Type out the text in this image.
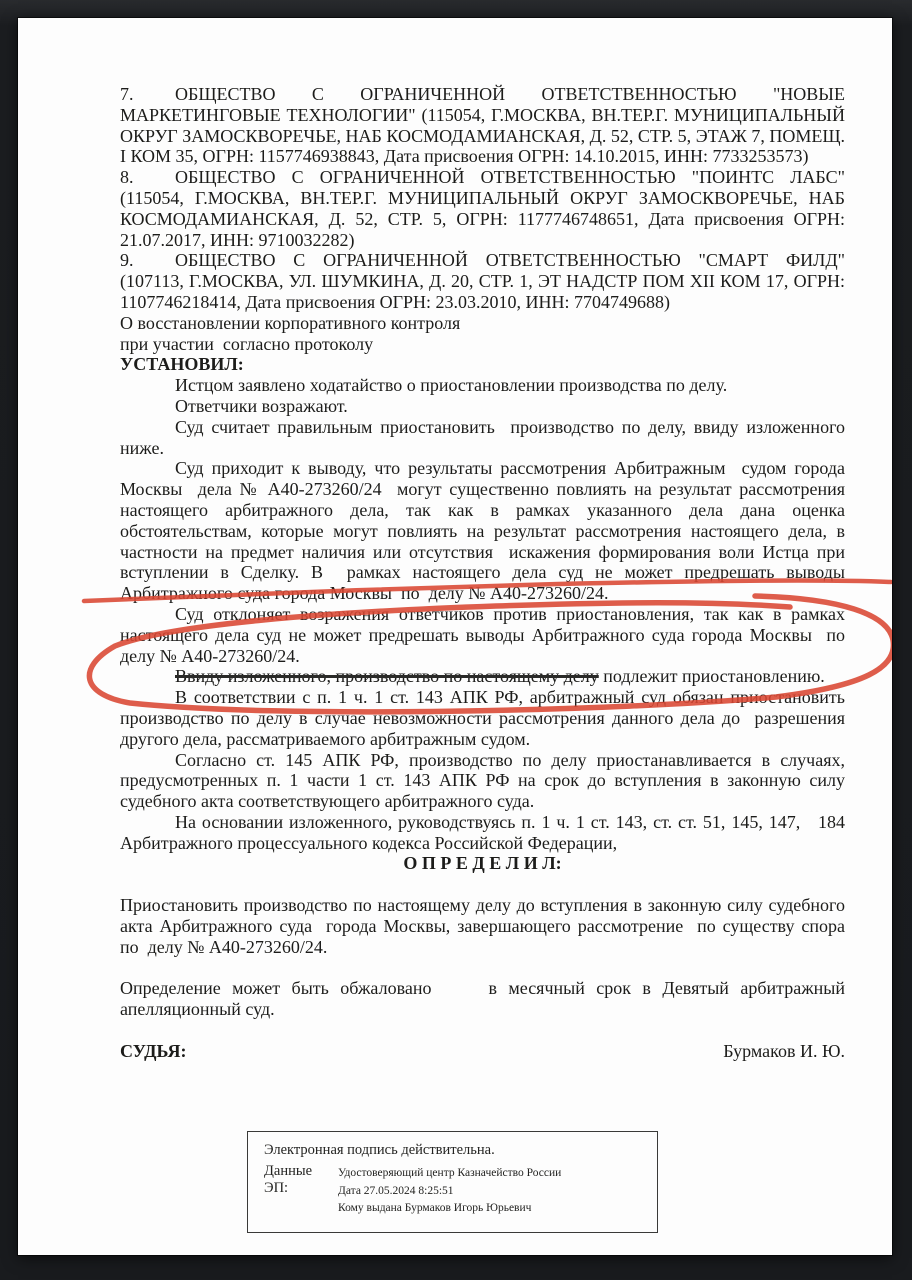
7. ОБЩЕСТВО С ОГРАНИЧЕННОЙ ОТВЕТСТВЕННОСТЬЮ "НОВЫЕ МАРКЕТИНГОВЫЕ ТЕХНОЛОГИИ" (115054, Г.МОСКВА, ВН.ТЕР.Г. МУНИЦИПАЛЬНЫЙ ОКРУГ ЗАМОСКВОРЕЧЬЕ, НАБ КОСМОДАМИАНСКАЯ, Д. 52, СТР. 5, ЭТАЖ 7, ПОМЕЩ. I КОМ 35, ОГРН: 1157746938843, Дата присвоения ОГРН: 14.10.2015, ИНН: 7733253573)

8. ОБЩЕСТВО С ОГРАНИЧЕННОЙ ОТВЕТСТВЕННОСТЬЮ "ПОИНТС ЛАБС" (115054, Г.МОСКВА, ВН.ТЕР.Г. МУНИЦИПАЛЬНЫЙ ОКРУГ ЗАМОСКВОРЕЧЬЕ, НАБ КОСМОДАМИАНСКАЯ, Д. 52, СТР. 5, ОГРН: 1177746748651, Дата присвоения ОГРН: 21.07.2017, ИНН: 9710032282)

9. ОБЩЕСТВО С ОГРАНИЧЕННОЙ ОТВЕТСТВЕННОСТЬЮ "СМАРТ ФИЛД" (107113, Г.МОСКВА, УЛ. ШУМКИНА, Д. 20, СТР. 1, ЭТ НАДСТР ПОМ XII КОМ 17, ОГРН: 1107746218414, Дата присвоения ОГРН: 23.03.2010, ИНН: 7704749688)

О восстановлении корпоративного контроля

при участии  согласно протоколу

УСТАНОВИЛ:

Истцом заявлено ходатайство о приостановлении производства по делу.

Ответчики возражают.

Суд считает правильным приостановить  производство по делу, ввиду изложенного ниже.

Суд приходит к выводу, что результаты рассмотрения Арбитражным  судом города Москвы  дела № А40-273260/24  могут существенно повлиять на результат рассмотрения настоящего арбитражного дела, так как в рамках указанного дела дана оценка обстоятельствам, которые могут повлиять на результат рассмотрения настоящего дела, в частности на предмет наличия или отсутствия  искажения формирования воли Истца при вступлении в Сделку. В  рамках настоящего дела суд не может предрешать выводы Арбитражного суда города Москвы  по  делу № А40-273260/24.

Суд отклоняет возражения ответчиков против приостановления, так как в рамках настоящего дела суд не может предрешать выводы Арбитражного суда города Москвы  по делу № А40-273260/24.

Ввиду изложенного, производство по настоящему делу подлежит приостановлению.

В соответствии с п. 1 ч. 1 ст. 143 АПК РФ, арбитражный суд обязан приостановить производство по делу в случае невозможности рассмотрения данного дела до  разрешения другого дела, рассматриваемого арбитражным судом.

Согласно ст. 145 АПК РФ, производство по делу приостанавливается в случаях, предусмотренных п. 1 части 1 ст. 143 АПК РФ на срок до вступления в законную силу судебного акта соответствующего арбитражного суда.

На основании изложенного, руководствуясь п. 1 ч. 1 ст. 143, ст. ст. 51, 145, 147,   184 Арбитражного процессуального кодекса Российской Федерации,

О П Р Е Д Е Л И Л:

Приостановить производство по настоящему делу до вступления в законную силу судебного акта Арбитражного суда  города Москвы, завершающего рассмотрение  по существу спора по  делу № А40-273260/24.

Определение может быть обжаловано     в месячный срок в Девятый арбитражный апелляционный суд.

СУДЬЯ:	Бурмаков И. Ю.

Электронная подпись действительна.
Данные ЭП:
Удостоверяющий центр Казначейство России
Дата 27.05.2024 8:25:51
Кому выдана Бурмаков Игорь Юрьевич
